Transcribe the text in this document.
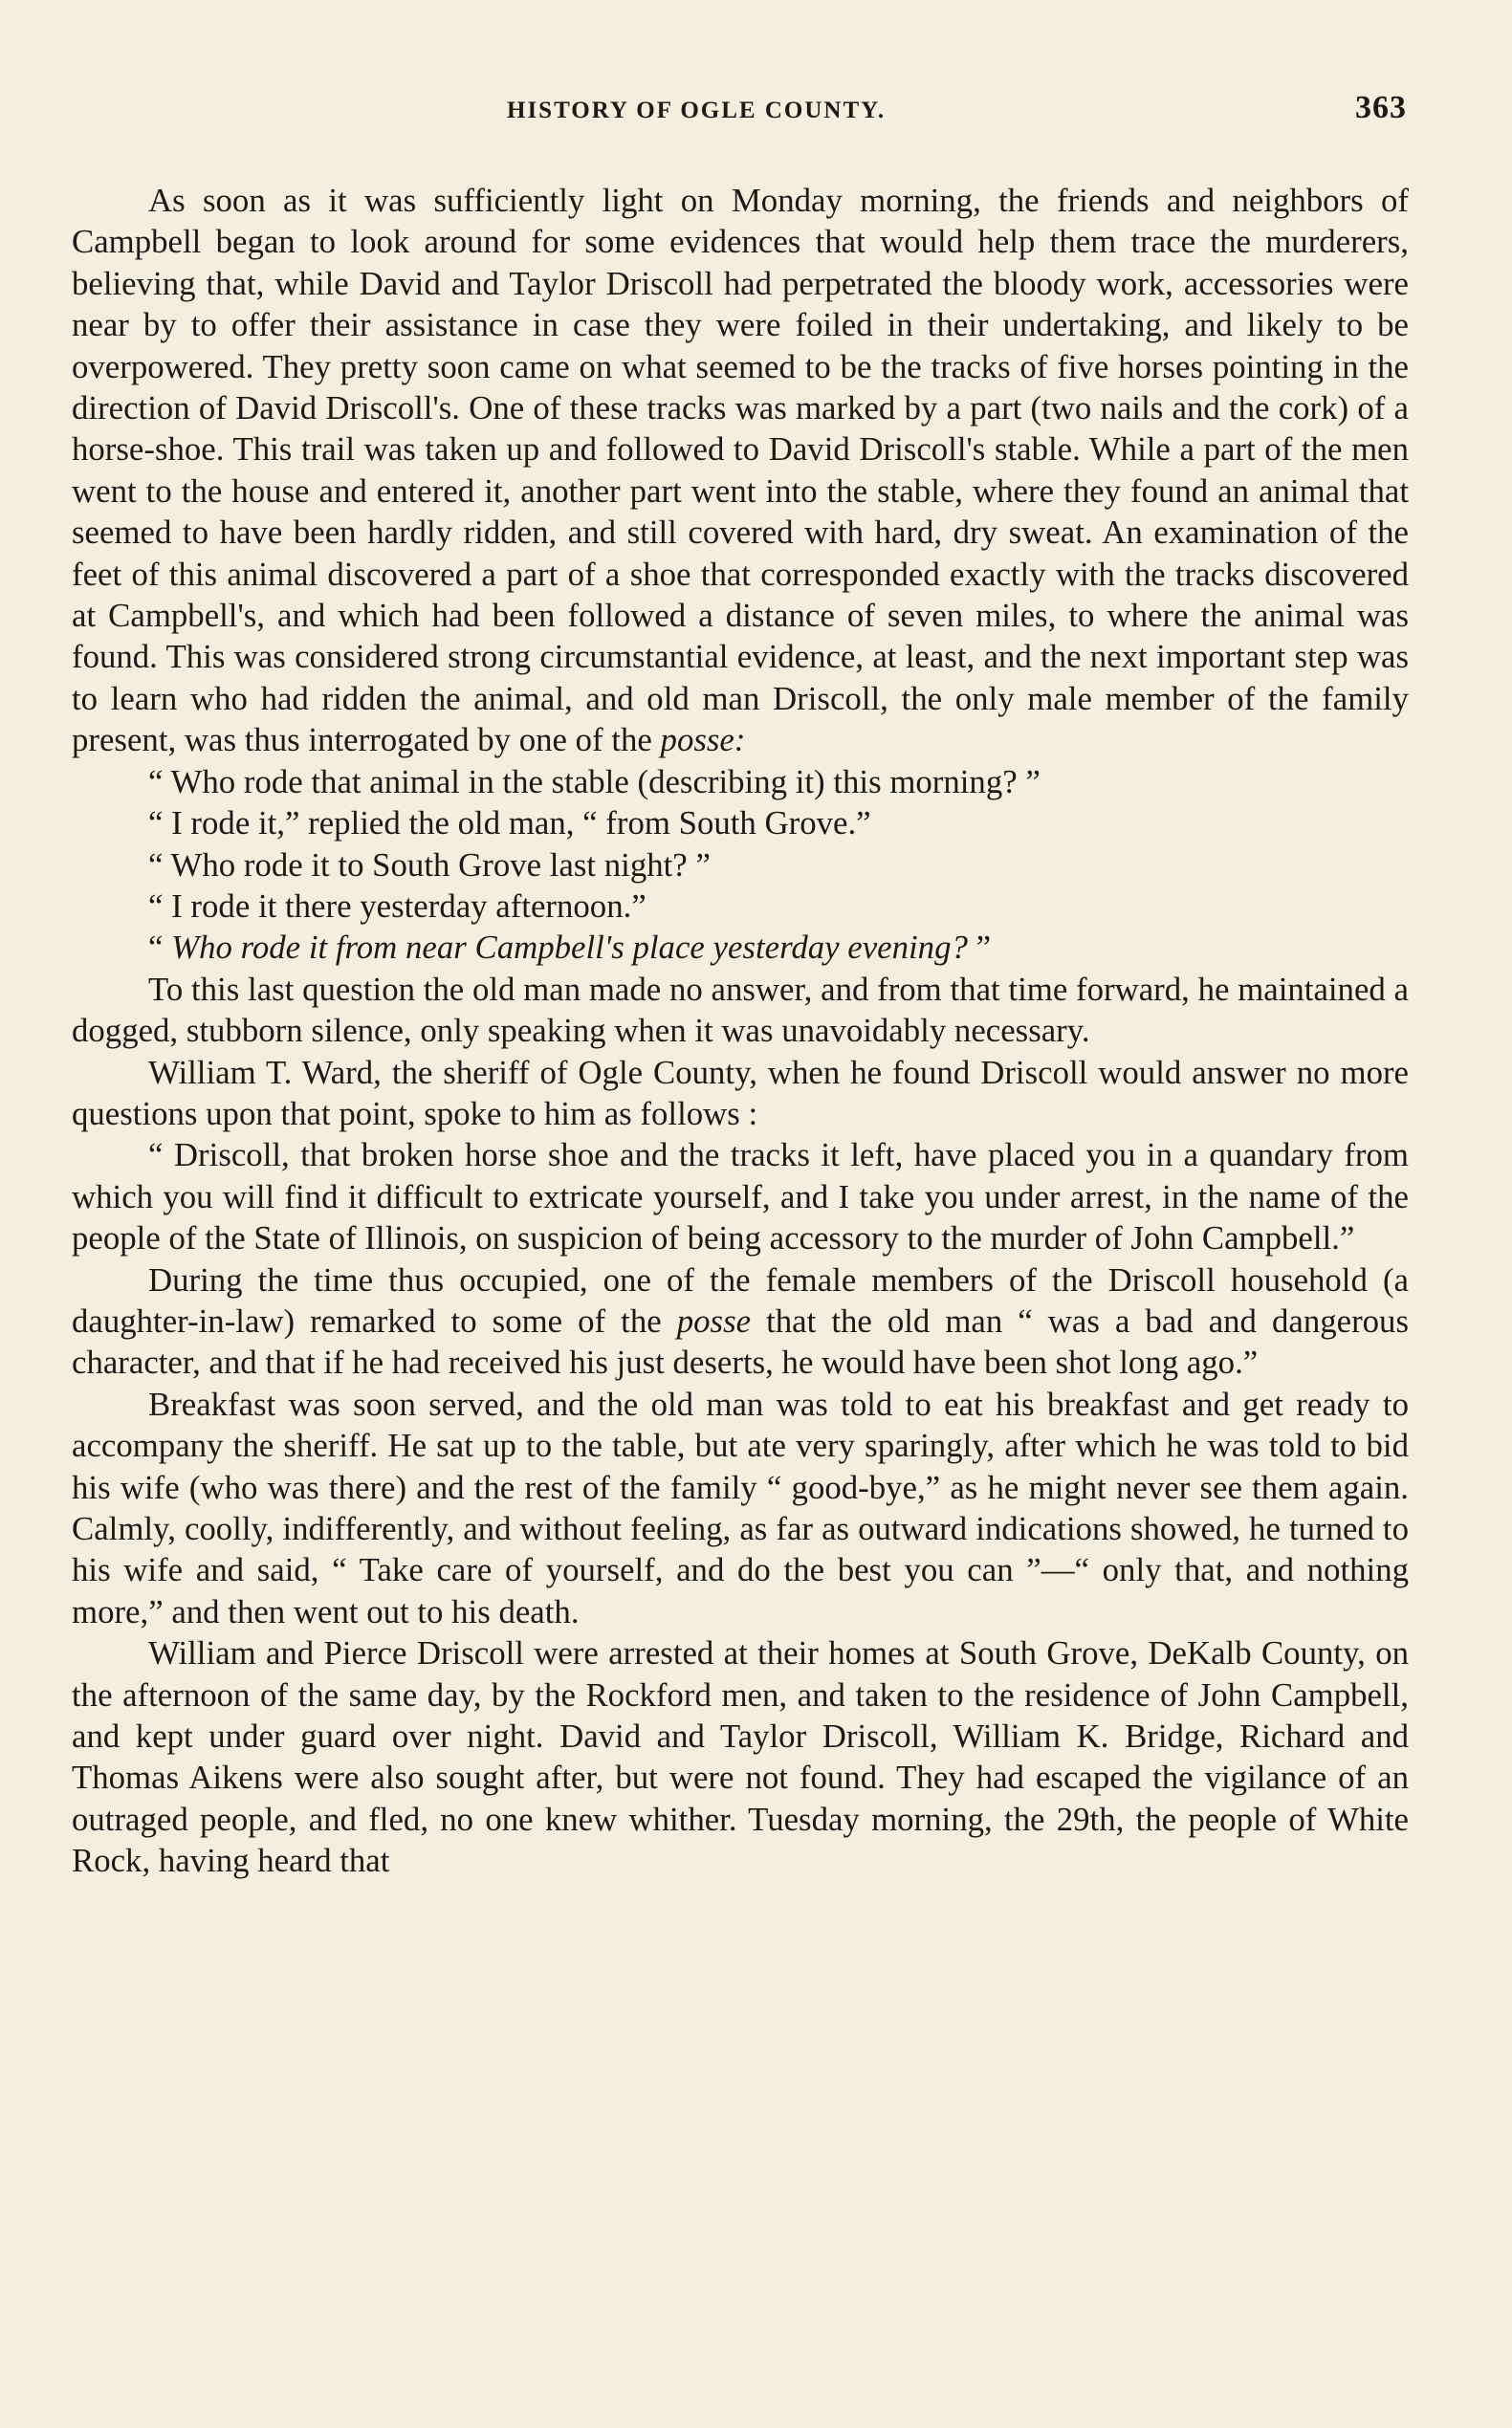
HISTORY OF OGLE COUNTY.	363

As soon as it was sufficiently light on Monday morning, the friends and neighbors of Campbell began to look around for some evidences that would help them trace the murderers, believing that, while David and Taylor Driscoll had perpetrated the bloody work, accessories were near by to offer their assistance in case they were foiled in their undertaking, and likely to be overpowered. They pretty soon came on what seemed to be the tracks of five horses pointing in the direction of David Driscoll's. One of these tracks was marked by a part (two nails and the cork) of a horse-shoe. This trail was taken up and followed to David Driscoll's stable. While a part of the men went to the house and entered it, another part went into the stable, where they found an animal that seemed to have been hardly ridden, and still covered with hard, dry sweat. An examination of the feet of this animal discovered a part of a shoe that corresponded exactly with the tracks discovered at Campbell's, and which had been followed a distance of seven miles, to where the animal was found. This was considered strong circumstantial evidence, at least, and the next important step was to learn who had ridden the animal, and old man Driscoll, the only male member of the family present, was thus interrogated by one of the posse:

“ Who rode that animal in the stable (describing it) this morning? ”

“ I rode it,” replied the old man, “ from South Grove.”

“ Who rode it to South Grove last night? ”

“ I rode it there yesterday afternoon.”

“ Who rode it from near Campbell's place yesterday evening? ”

To this last question the old man made no answer, and from that time forward, he maintained a dogged, stubborn silence, only speaking when it was unavoidably necessary.

William T. Ward, the sheriff of Ogle County, when he found Driscoll would answer no more questions upon that point, spoke to him as follows :

“ Driscoll, that broken horse shoe and the tracks it left, have placed you in a quandary from which you will find it difficult to extricate yourself, and I take you under arrest, in the name of the people of the State of Illinois, on suspicion of being accessory to the murder of John Campbell.”

During the time thus occupied, one of the female members of the Driscoll household (a daughter-in-law) remarked to some of the posse that the old man “ was a bad and dangerous character, and that if he had received his just deserts, he would have been shot long ago.”

Breakfast was soon served, and the old man was told to eat his breakfast and get ready to accompany the sheriff. He sat up to the table, but ate very sparingly, after which he was told to bid his wife (who was there) and the rest of the family “ good-bye,” as he might never see them again. Calmly, coolly, indifferently, and without feeling, as far as outward indications showed, he turned to his wife and said, “ Take care of yourself, and do the best you can ”—“ only that, and nothing more,” and then went out to his death.

William and Pierce Driscoll were arrested at their homes at South Grove, DeKalb County, on the afternoon of the same day, by the Rockford men, and taken to the residence of John Campbell, and kept under guard over night. David and Taylor Driscoll, William K. Bridge, Richard and Thomas Aikens were also sought after, but were not found. They had escaped the vigilance of an outraged people, and fled, no one knew whither. Tuesday morning, the 29th, the people of White Rock, having heard that
